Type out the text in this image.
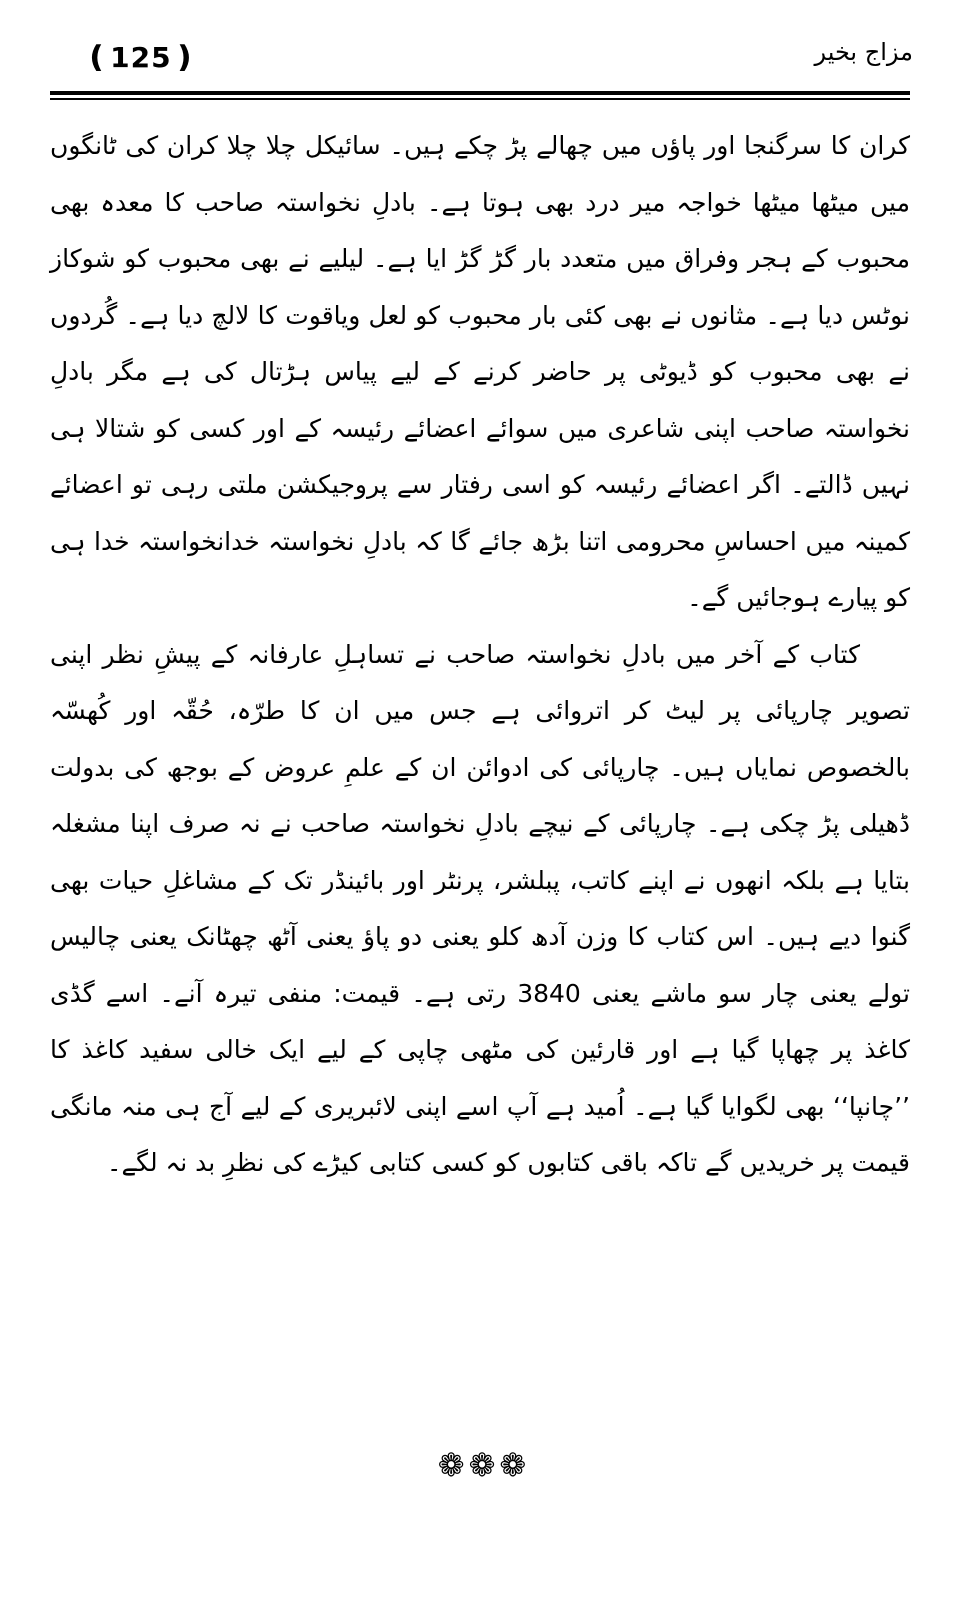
مزاج بخیر
❪125❫

کران کا سرگنجا اور پاؤں میں چھالے پڑ چکے ہیں۔ سائیکل چلا چلا کران کی ٹانگوں میں میٹھا میٹھا خواجہ میر درد بھی ہوتا ہے۔ بادلِ نخواستہ صاحب کا معدہ بھی محبوب کے ہجر وفراق میں متعدد بار گڑ گڑ ایا ہے۔ لیلیے نے بھی محبوب کو شوکاز نوٹس دیا ہے۔ مثانوں نے بھی کئی بار محبوب کو لعل ویاقوت کا لالچ دیا ہے۔ گُردوں نے بھی محبوب کو ڈیوٹی پر حاضر کرنے کے لیے پیاس ہڑتال کی ہے مگر بادلِ نخواستہ صاحب اپنی شاعری میں سوائے اعضائے رئیسہ کے اور کسی کو شتالا ہی نہیں ڈالتے۔ اگر اعضائے رئیسہ کو اسی رفتار سے پروجیکشن ملتی رہی تو اعضائے کمینہ میں احساسِ محرومی اتنا بڑھ جائے گا کہ بادلِ نخواستہ خدانخواستہ خدا ہی کو پیارے ہوجائیں گے۔

کتاب کے آخر میں بادلِ نخواستہ صاحب نے تساہلِ عارفانہ کے پیشِ نظر اپنی تصویر چارپائی پر لیٹ کر اتروائی ہے جس میں ان کا طرّہ، حُقّہ اور کُھسّہ بالخصوص نمایاں ہیں۔ چارپائی کی ادوائن ان کے علمِ عروض کے بوجھ کی بدولت ڈھیلی پڑ چکی ہے۔ چارپائی کے نیچے بادلِ نخواستہ صاحب نے نہ صرف اپنا مشغلہ بتایا ہے بلکہ انھوں نے اپنے کاتب، پبلشر، پرنٹر اور بائینڈر تک کے مشاغلِ حیات بھی گنوا دیے ہیں۔ اس کتاب کا وزن آدھ کلو یعنی دو پاؤ یعنی آٹھ چھٹانک یعنی چالیس تولے یعنی چار سو ماشے یعنی 3840 رتی ہے۔ قیمت: منفی تیرہ آنے۔ اسے گڈی کاغذ پر چھاپا گیا ہے اور قارئین کی مٹھی چاپی کے لیے ایک خالی سفید کاغذ کا ’’چانپا‘‘ بھی لگوایا گیا ہے۔ اُمید ہے آپ اسے اپنی لائبریری کے لیے آج ہی منہ مانگی قیمت پر خریدیں گے تاکہ باقی کتابوں کو کسی کتابی کیڑے کی نظرِ بد نہ لگے۔

❁❁❁
